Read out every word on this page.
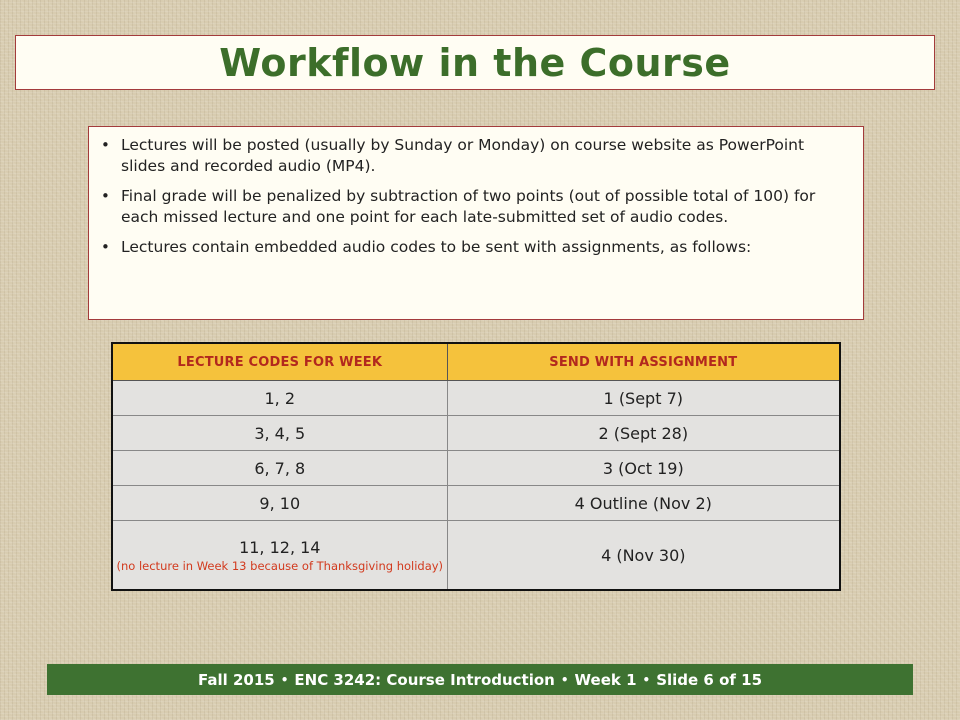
Workflow in the Course
• Lectures will be posted (usually by Sunday or Monday) on course website as PowerPoint slides and recorded audio (MP4).
• Final grade will be penalized by subtraction of two points (out of possible total of 100) for each missed lecture and one point for each late-submitted set of audio codes.
• Lectures contain embedded audio codes to be sent with assignments, as follows:
LECTURE CODES FOR WEEK	SEND WITH ASSIGNMENT
1, 2	1 (Sept 7)
3, 4, 5	2 (Sept 28)
6, 7, 8	3 (Oct 19)
9, 10	4 Outline (Nov 2)
11, 12, 14
(no lecture in Week 13 because of Thanksgiving holiday)	4 (Nov 30)
Fall 2015 • ENC 3242: Course Introduction • Week 1 • Slide 6 of 15
